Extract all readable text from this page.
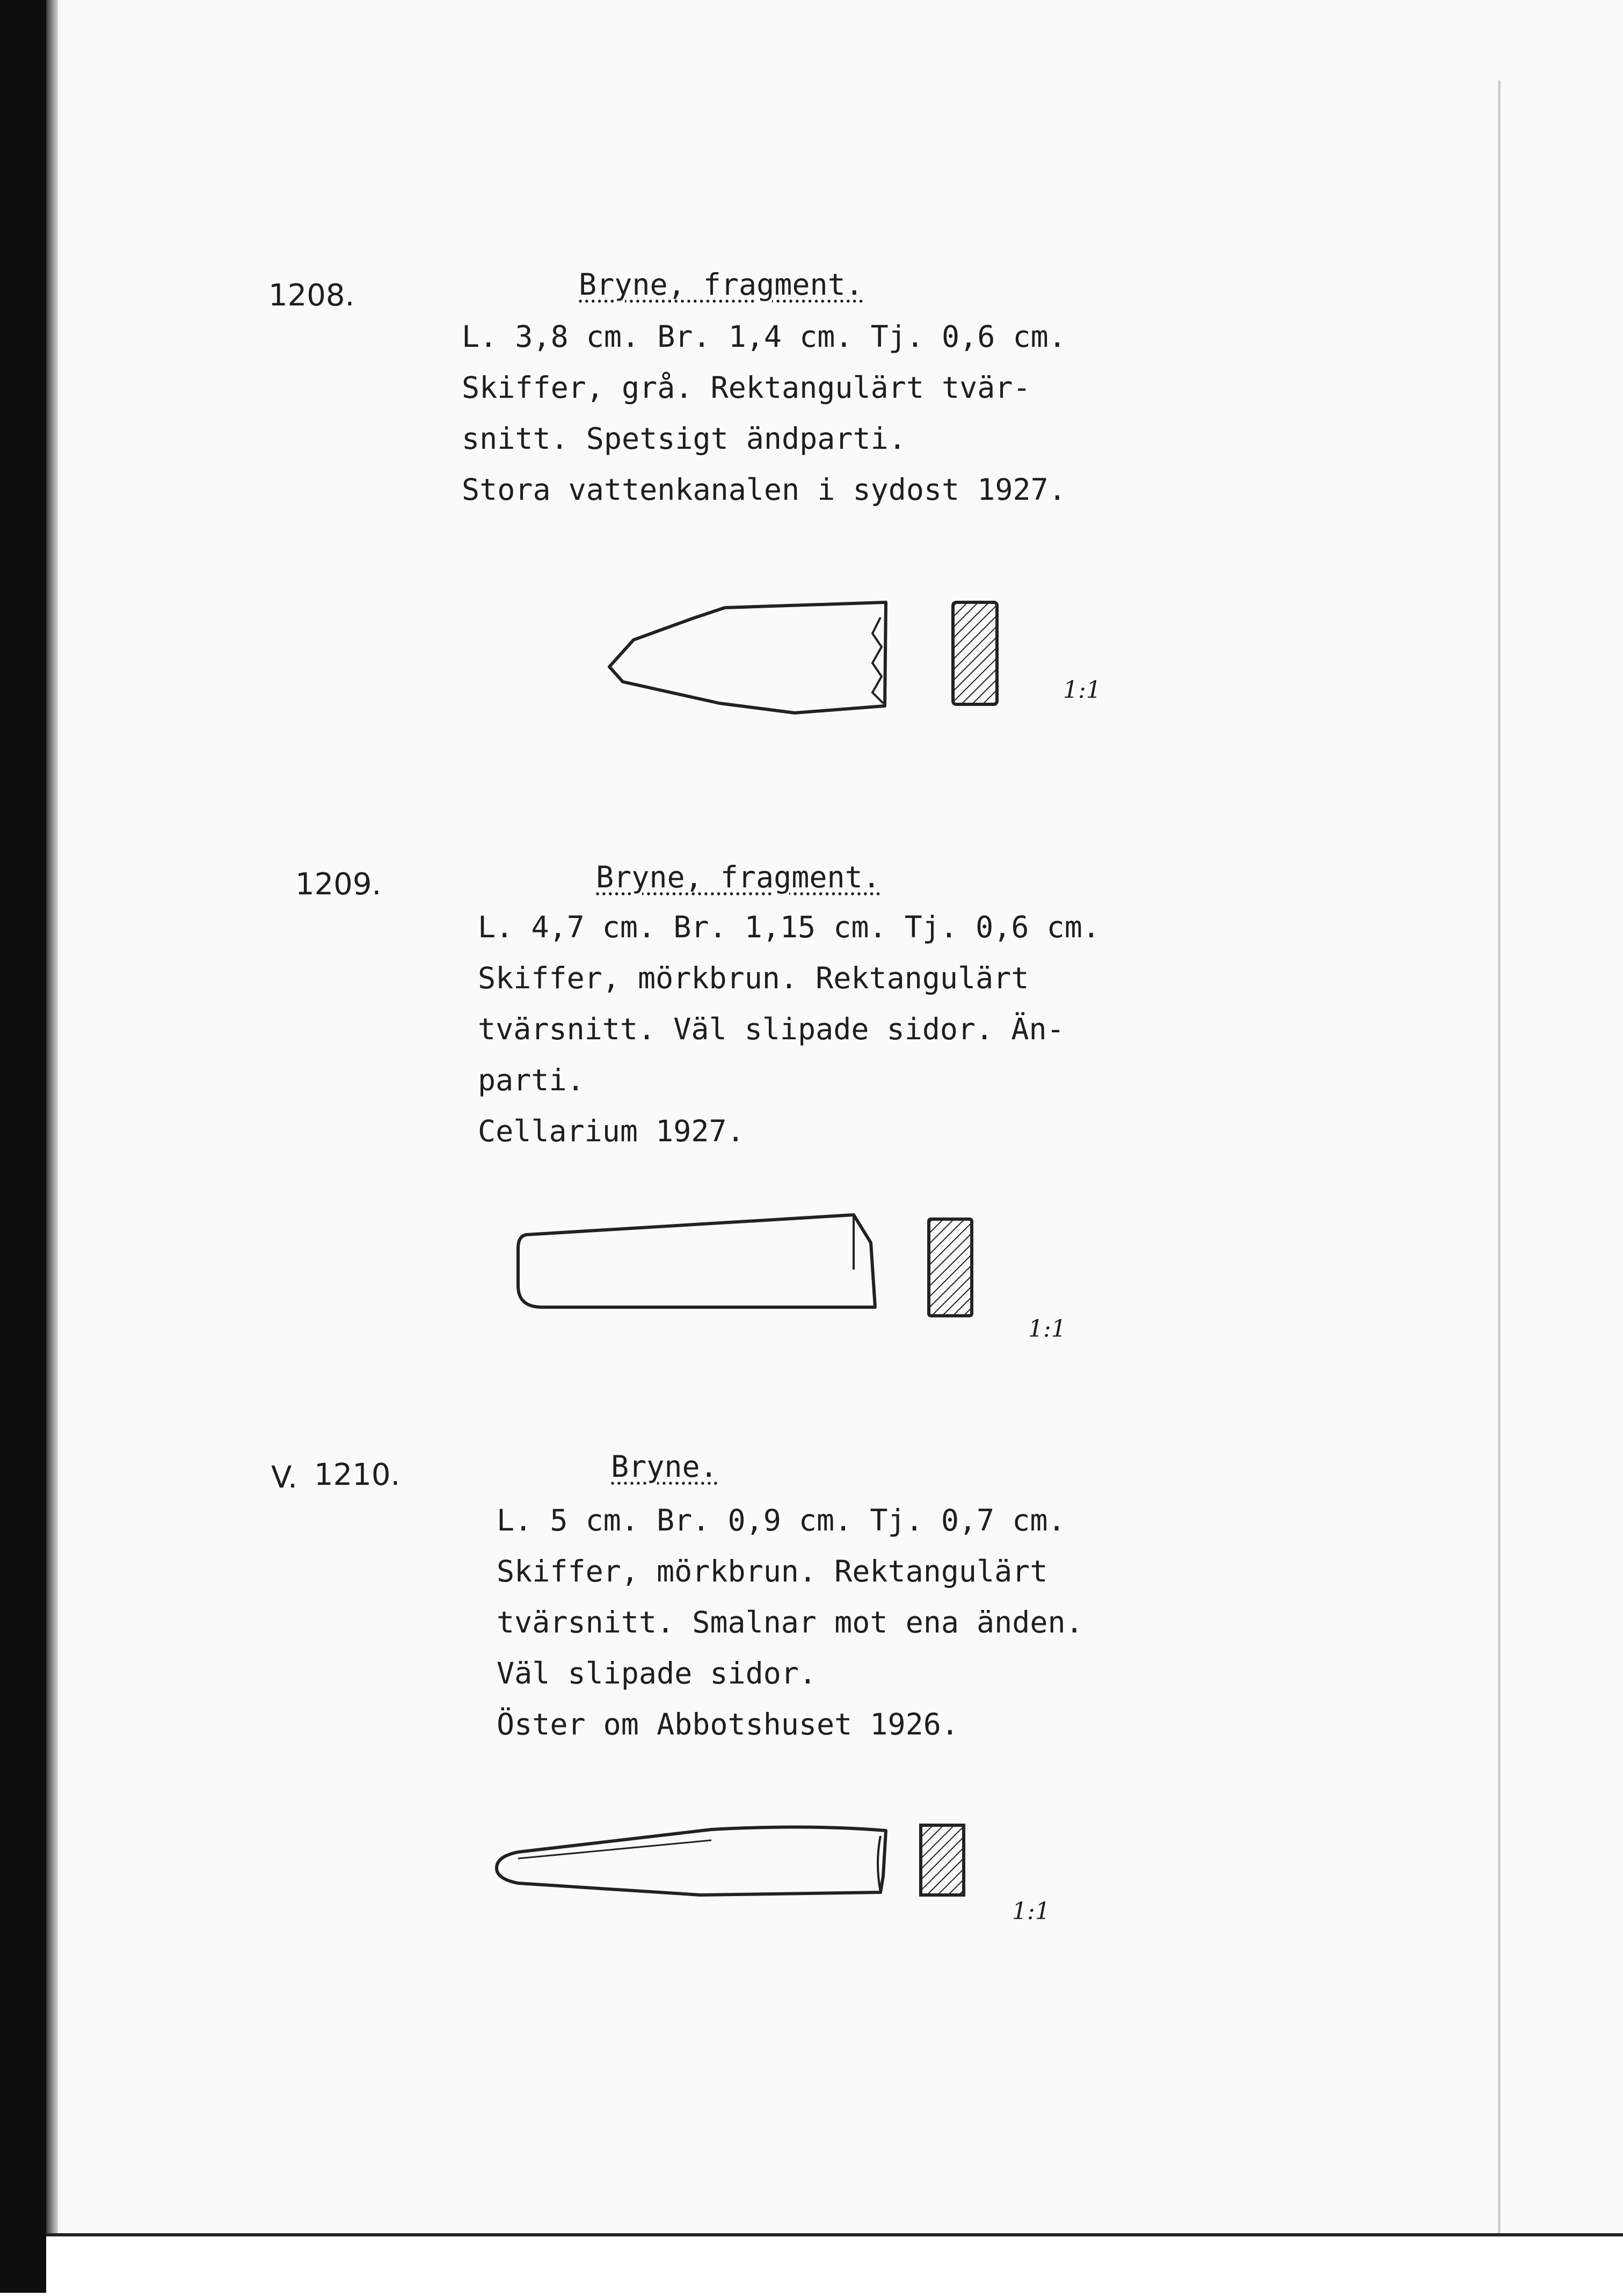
1208.	Bryne, fragment.
L. 3,8 cm. Br. 1,4 cm. Tj. 0,6 cm.
Skiffer, grå. Rektangulärt tvär-
snitt. Spetsigt ändparti.
Stora vattenkanalen i sydost 1927.
1:1
1209.	Bryne, fragment.
L. 4,7 cm. Br. 1,15 cm. Tj. 0,6 cm.
Skiffer, mörkbrun. Rektangulärt
tvärsnitt. Väl slipade sidor. Än-
parti.
Cellarium 1927.
1:1
V. 1210.	Bryne.
L. 5 cm. Br. 0,9 cm. Tj. 0,7 cm.
Skiffer, mörkbrun. Rektangulärt
tvärsnitt. Smalnar mot ena änden.
Väl slipade sidor.
Öster om Abbotshuset 1926.
1:1
